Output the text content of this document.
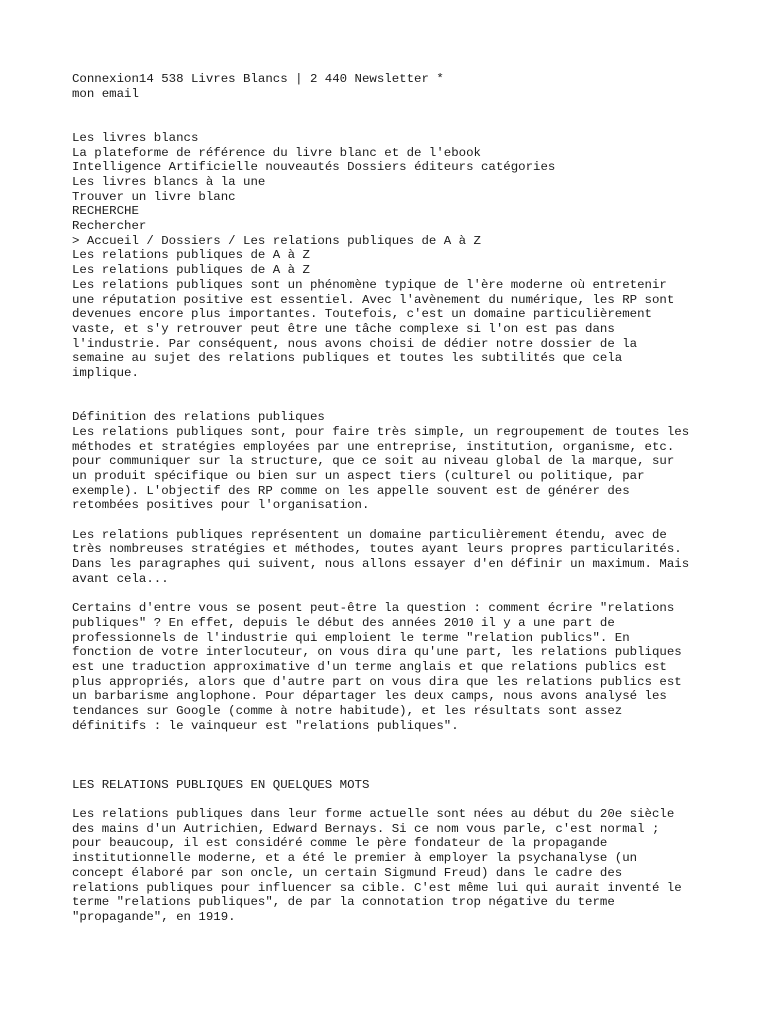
Connexion14 538 Livres Blancs | 2 440 Newsletter *
mon email
Les livres blancs
La plateforme de référence du livre blanc et de l'ebook
Intelligence Artificielle nouveautés Dossiers éditeurs catégories
Les livres blancs à la une
Trouver un livre blanc
RECHERCHE
Rechercher
> Accueil / Dossiers / Les relations publiques de A à Z
Les relations publiques de A à Z
Les relations publiques de A à Z
Les relations publiques sont un phénomène typique de l'ère moderne où entretenir
une réputation positive est essentiel. Avec l'avènement du numérique, les RP sont
devenues encore plus importantes. Toutefois, c'est un domaine particulièrement
vaste, et s'y retrouver peut être une tâche complexe si l'on est pas dans
l'industrie. Par conséquent, nous avons choisi de dédier notre dossier de la
semaine au sujet des relations publiques et toutes les subtilités que cela
implique.
Définition des relations publiques
Les relations publiques sont, pour faire très simple, un regroupement de toutes les
méthodes et stratégies employées par une entreprise, institution, organisme, etc.
pour communiquer sur la structure, que ce soit au niveau global de la marque, sur
un produit spécifique ou bien sur un aspect tiers (culturel ou politique, par
exemple). L'objectif des RP comme on les appelle souvent est de générer des
retombées positives pour l'organisation.
Les relations publiques représentent un domaine particulièrement étendu, avec de
très nombreuses stratégies et méthodes, toutes ayant leurs propres particularités.
Dans les paragraphes qui suivent, nous allons essayer d'en définir un maximum. Mais
avant cela...
Certains d'entre vous se posent peut-être la question : comment écrire "relations
publiques" ? En effet, depuis le début des années 2010 il y a une part de
professionnels de l'industrie qui emploient le terme "relation publics". En
fonction de votre interlocuteur, on vous dira qu'une part, les relations publiques
est une traduction approximative d'un terme anglais et que relations publics est
plus appropriés, alors que d'autre part on vous dira que les relations publics est
un barbarisme anglophone. Pour départager les deux camps, nous avons analysé les
tendances sur Google (comme à notre habitude), et les résultats sont assez
définitifs : le vainqueur est "relations publiques".
LES RELATIONS PUBLIQUES EN QUELQUES MOTS
Les relations publiques dans leur forme actuelle sont nées au début du 20e siècle
des mains d'un Autrichien, Edward Bernays. Si ce nom vous parle, c'est normal ;
pour beaucoup, il est considéré comme le père fondateur de la propagande
institutionnelle moderne, et a été le premier à employer la psychanalyse (un
concept élaboré par son oncle, un certain Sigmund Freud) dans le cadre des
relations publiques pour influencer sa cible. C'est même lui qui aurait inventé le
terme "relations publiques", de par la connotation trop négative du terme
"propagande", en 1919.
